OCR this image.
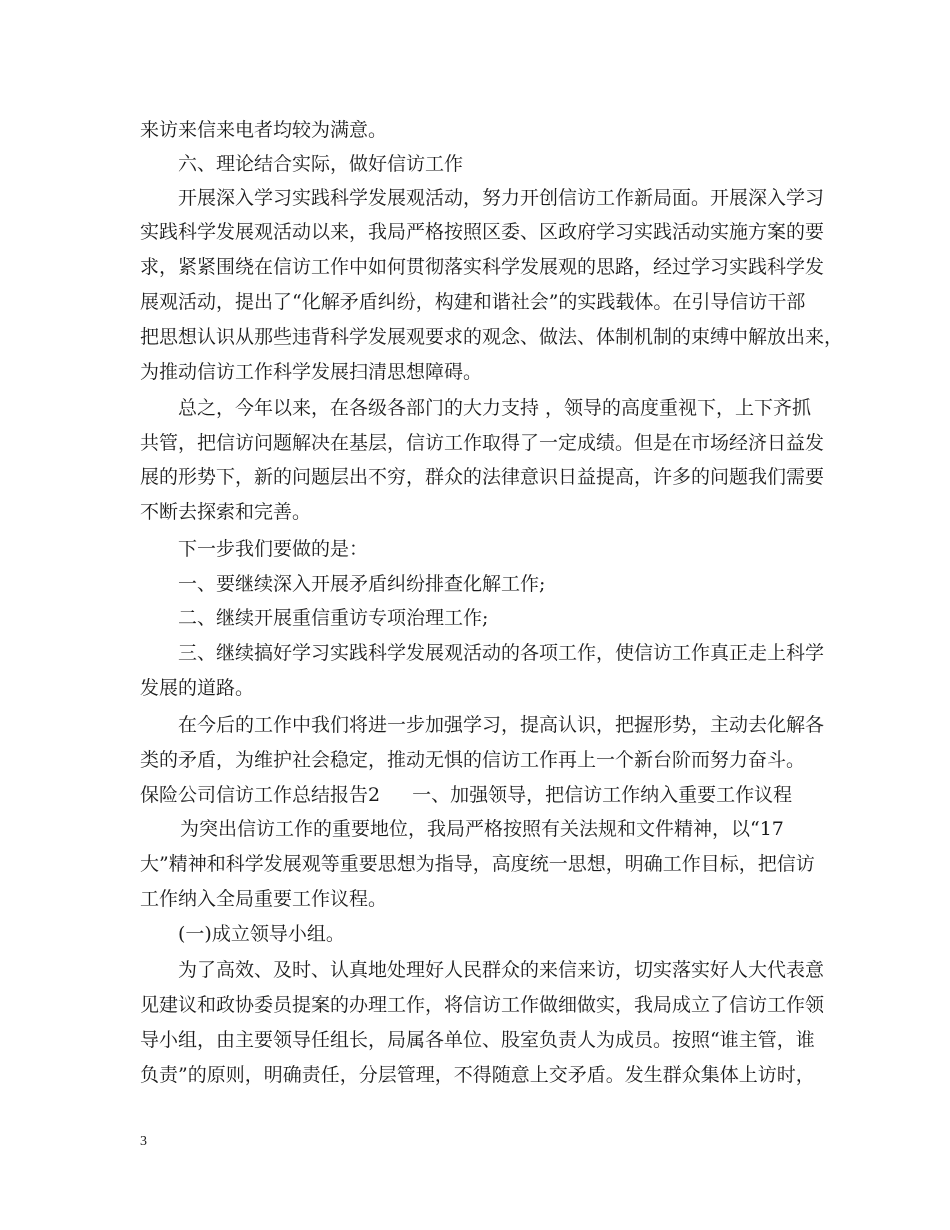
来访来信来电者均较为满意。
六、理论结合实际，做好信访工作
开展深入学习实践科学发展观活动，努力开创信访工作新局面。开展深入学习
实践科学发展观活动以来，我局严格按照区委、区政府学习实践活动实施方案的要
求，紧紧围绕在信访工作中如何贯彻落实科学发展观的思路，经过学习实践科学发
展观活动，提出了“化解矛盾纠纷，构建和谐社会”的实践载体。在引导信访干部
把思想认识从那些违背科学发展观要求的观念、做法、体制机制的束缚中解放出来，
为推动信访工作科学发展扫清思想障碍。
总之，今年以来，在各级各部门的大力支持 ，领导的高度重视下，上下齐抓
共管，把信访问题解决在基层，信访工作取得了一定成绩。但是在市场经济日益发
展的形势下，新的问题层出不穷，群众的法律意识日益提高，许多的问题我们需要
不断去探索和完善。
下一步我们要做的是：
一、要继续深入开展矛盾纠纷排查化解工作;
二、继续开展重信重访专项治理工作;
三、继续搞好学习实践科学发展观活动的各项工作，使信访工作真正走上科学
发展的道路。
在今后的工作中我们将进一步加强学习，提高认识，把握形势，主动去化解各
类的矛盾，为维护社会稳定，推动无惧的信访工作再上一个新台阶而努力奋斗。
保险公司信访工作总结报告2 一、加强领导，把信访工作纳入重要工作议程
为突出信访工作的重要地位，我局严格按照有关法规和文件精神，以“17
大”精神和科学发展观等重要思想为指导，高度统一思想，明确工作目标，把信访
工作纳入全局重要工作议程。
(一)成立领导小组。
为了高效、及时、认真地处理好人民群众的来信来访，切实落实好人大代表意
见建议和政协委员提案的办理工作，将信访工作做细做实，我局成立了信访工作领
导小组，由主要领导任组长，局属各单位、股室负责人为成员。按照“谁主管，谁
负责”的原则，明确责任，分层管理，不得随意上交矛盾。发生群众集体上访时，
3
